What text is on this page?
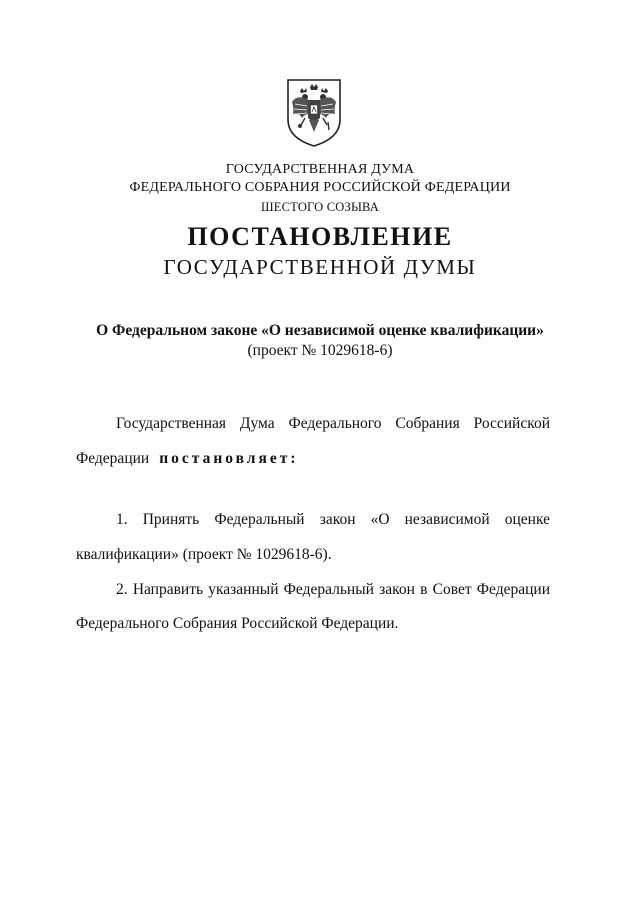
ГОСУДАРСТВЕННАЯ ДУМА
ФЕДЕРАЛЬНОГО СОБРАНИЯ РОССИЙСКОЙ ФЕДЕРАЦИИ
ШЕСТОГО СОЗЫВА
ПОСТАНОВЛЕНИЕ
ГОСУДАРСТВЕННОЙ ДУМЫ
О Федеральном законе «О независимой оценке квалификации»
(проект № 1029618-6)
Государственная Дума Федерального Собрания Российской
Федерации постановляет:
1. Принять Федеральный закон «О независимой оценке
квалификации» (проект № 1029618-6).
2. Направить указанный Федеральный закон в Совет Федерации
Федерального Собрания Российской Федерации.
